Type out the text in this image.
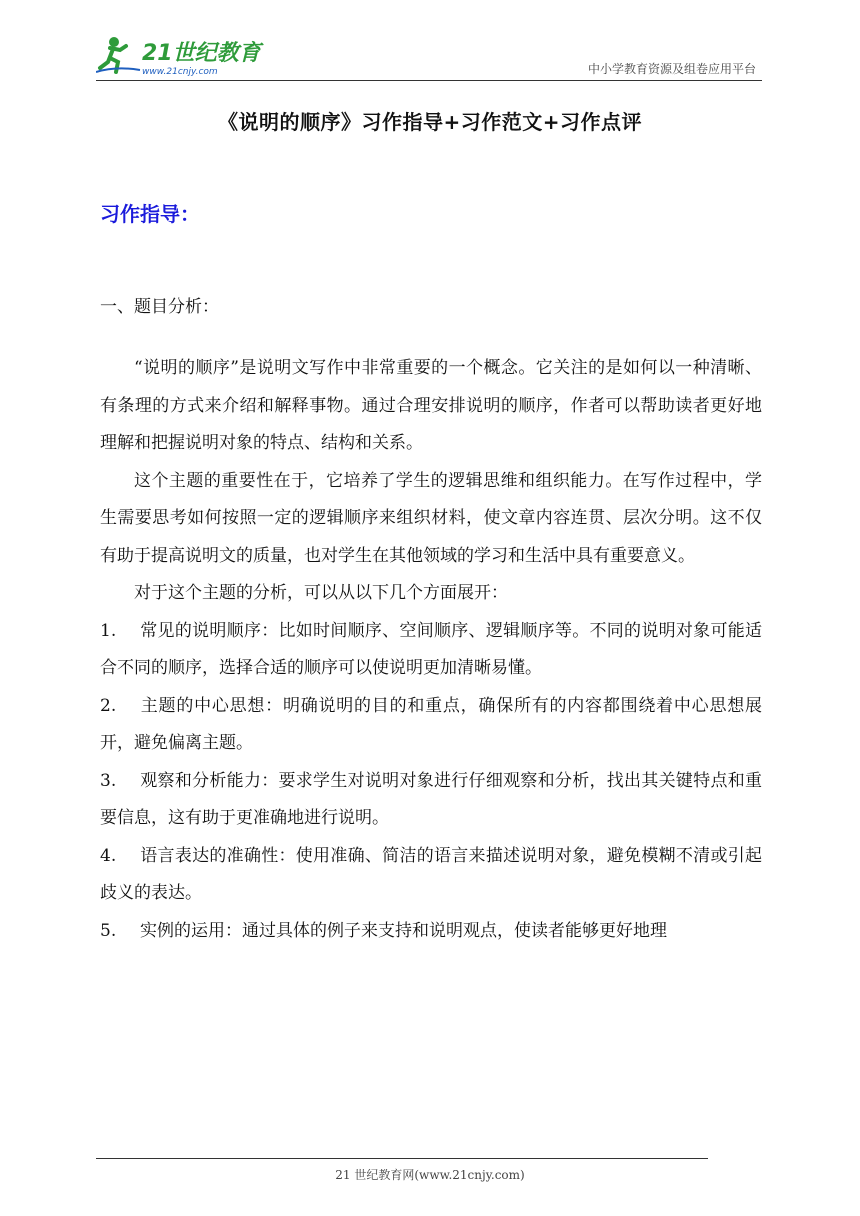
21世纪教育
www.21cnjy.com	中小学教育资源及组卷应用平台
《说明的顺序》习作指导+习作范文+习作点评
习作指导：
一、题目分析：

“说明的顺序”是说明文写作中非常重要的一个概念。它关注的是如何以一种清晰、有条理的方式来介绍和解释事物。通过合理安排说明的顺序，作者可以帮助读者更好地理解和把握说明对象的特点、结构和关系。

这个主题的重要性在于，它培养了学生的逻辑思维和组织能力。在写作过程中，学生需要思考如何按照一定的逻辑顺序来组织材料，使文章内容连贯、层次分明。这不仅有助于提高说明文的质量，也对学生在其他领域的学习和生活中具有重要意义。

对于这个主题的分析，可以从以下几个方面展开：

1. 常见的说明顺序：比如时间顺序、空间顺序、逻辑顺序等。不同的说明对象可能适合不同的顺序，选择合适的顺序可以使说明更加清晰易懂。
2. 主题的中心思想：明确说明的目的和重点，确保所有的内容都围绕着中心思想展开，避免偏离主题。
3. 观察和分析能力：要求学生对说明对象进行仔细观察和分析，找出其关键特点和重要信息，这有助于更准确地进行说明。
4. 语言表达的准确性：使用准确、简洁的语言来描述说明对象，避免模糊不清或引起歧义的表达。
5. 实例的运用：通过具体的例子来支持和说明观点，使读者能够更好地理
21 世纪教育网(www.21cnjy.com)
